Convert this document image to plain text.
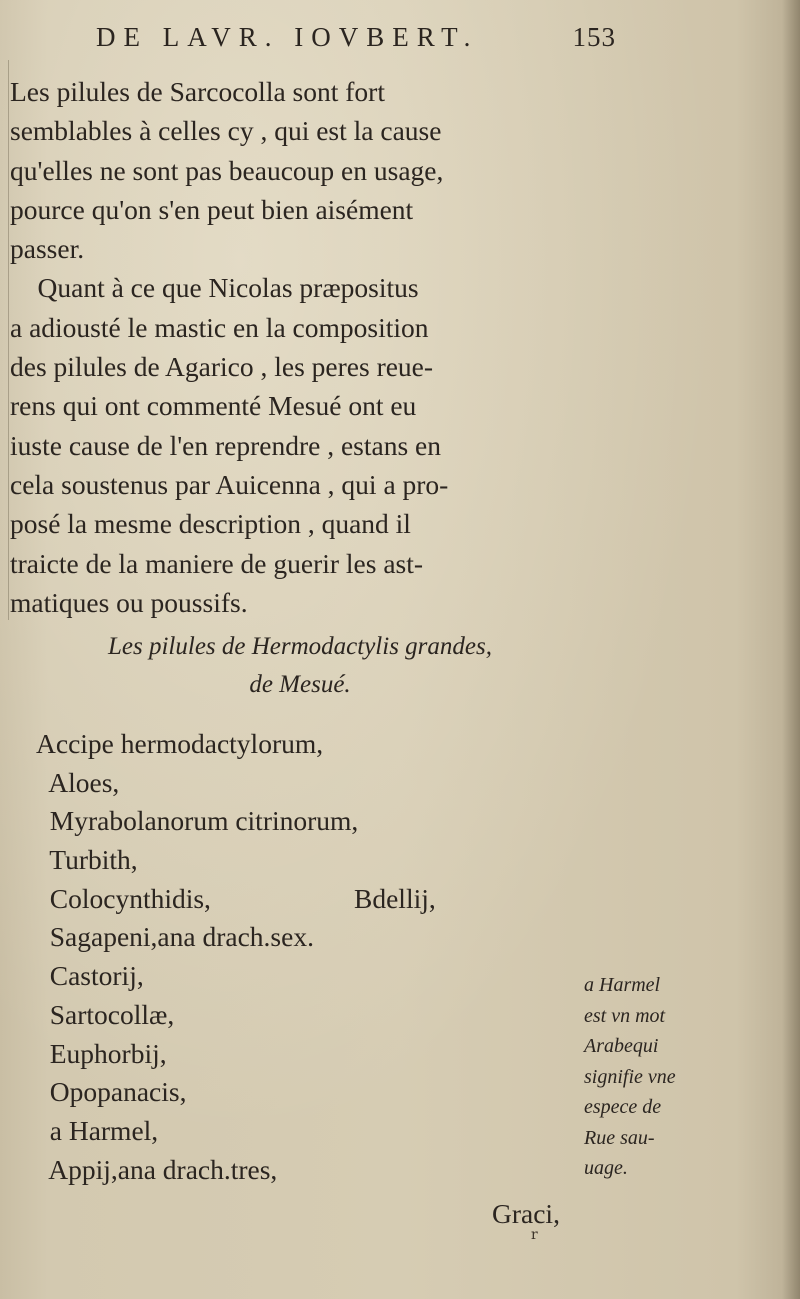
DE LAVR. IOVBERT.	153
Les pilules de Sarcocolla sont fort
semblables à celles cy , qui est la cause
qu'elles ne sont pas beaucoup en usage,
pource qu'on s'en peut bien aisément
passer.
Quant à ce que Nicolas præpositus
a adiousté le mastic en la composition
des pilules de Agarico , les peres reue-
rens qui ont commenté Mesué ont eu
iuste cause de l'en reprendre , estans en
cela soustenus par Auicenna , qui a pro-
posé la mesme description , quand il
traicte de la maniere de guerir les ast-
matiques ou poussifs.
Les pilules de Hermodactylis grandes,
de Mesué.
Accipe hermodactylorum,
Aloes,
Myrabolanorum citrinorum,
Turbith,
Colocynthidis,	Bdellij,
Sagapeni,ana drach.sex.
Castorij,
Sartocollæ,
Euphorbij,
Opopanacis,
a Harmel,
Appij,ana drach.tres,
Graci,
r
a Harmel
est vn mot
Arabequi
signifie vne
espece de
Rue sau-
uage.
